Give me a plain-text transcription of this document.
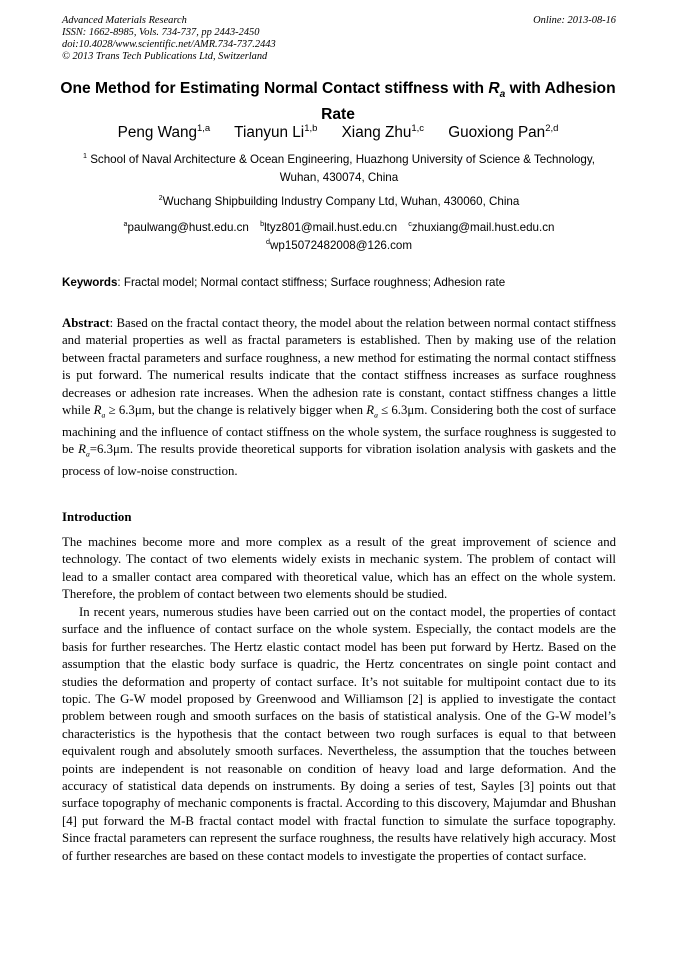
Advanced Materials Research
ISSN: 1662-8985, Vols. 734-737, pp 2443-2450
doi:10.4028/www.scientific.net/AMR.734-737.2443
© 2013 Trans Tech Publications Ltd, Switzerland
Online: 2013-08-16
One Method for Estimating Normal Contact stiffness with $R_a$ with Adhesion Rate
Peng Wang$^{1,a}$ Tianyun Li$^{1,b}$ Xiang Zhu$^{1,c}$ Guoxiong Pan$^{2,d}$
$^1$ School of Naval Architecture & Ocean Engineering, Huazhong University of Science & Technology, Wuhan, 430074, China
$^2$Wuchang Shipbuilding Industry Company Ltd, Wuhan, 430060, China
$^a$paulwang@hust.edu.cn $^b$ltyz801@mail.hust.edu.cn $^c$zhuxiang@mail.hust.edu.cn
$^d$wp15072482008@126.com
Keywords: Fractal model; Normal contact stiffness; Surface roughness; Adhesion rate
Abstract: Based on the fractal contact theory, the model about the relation between normal contact stiffness and material properties as well as fractal parameters is established. Then by making use of the relation between fractal parameters and surface roughness, a new method for estimating the normal contact stiffness is put forward. The numerical results indicate that the contact stiffness increases as surface roughness decreases or adhesion rate increases. When the adhesion rate is constant, contact stiffness changes a little while $R_a \ge 6.3\mu m$, but the change is relatively bigger when $R_a \le 6.3\mu m$. Considering both the cost of surface machining and the influence of contact stiffness on the whole system, the surface roughness is suggested to be $R_a=6.3\mu m$. The results provide theoretical supports for vibration isolation analysis with gaskets and the process of low-noise construction.
Introduction
The machines become more and more complex as a result of the great improvement of science and technology. The contact of two elements widely exists in mechanic system. The problem of contact will lead to a smaller contact area compared with theoretical value, which has an effect on the whole system. Therefore, the problem of contact between two elements should be studied.
In recent years, numerous studies have been carried out on the contact model, the properties of contact surface and the influence of contact surface on the whole system. Especially, the contact models are the basis for further researches. The Hertz elastic contact model has been put forward by Hertz. Based on the assumption that the elastic body surface is quadric, the Hertz concentrates on single point contact and studies the deformation and property of contact surface. It’s not suitable for multipoint contact due to its topic. The G-W model proposed by Greenwood and Williamson [2] is applied to investigate the contact problem between rough and smooth surfaces on the basis of statistical analysis. One of the G-W model’s characteristics is the hypothesis that the contact between two rough surfaces is equal to that between equivalent rough and absolutely smooth surfaces. Nevertheless, the assumption that the touches between points are independent is not reasonable on condition of heavy load and large deformation. And the accuracy of statistical data depends on instruments. By doing a series of test, Sayles [3] points out that surface topography of mechanic components is fractal. According to this discovery, Majumdar and Bhushan [4] put forward the M-B fractal contact model with fractal function to simulate the surface topography. Since fractal parameters can represent the surface roughness, the results have relatively high accuracy. Most of further researches are based on these contact models to investigate the properties of contact surface.
